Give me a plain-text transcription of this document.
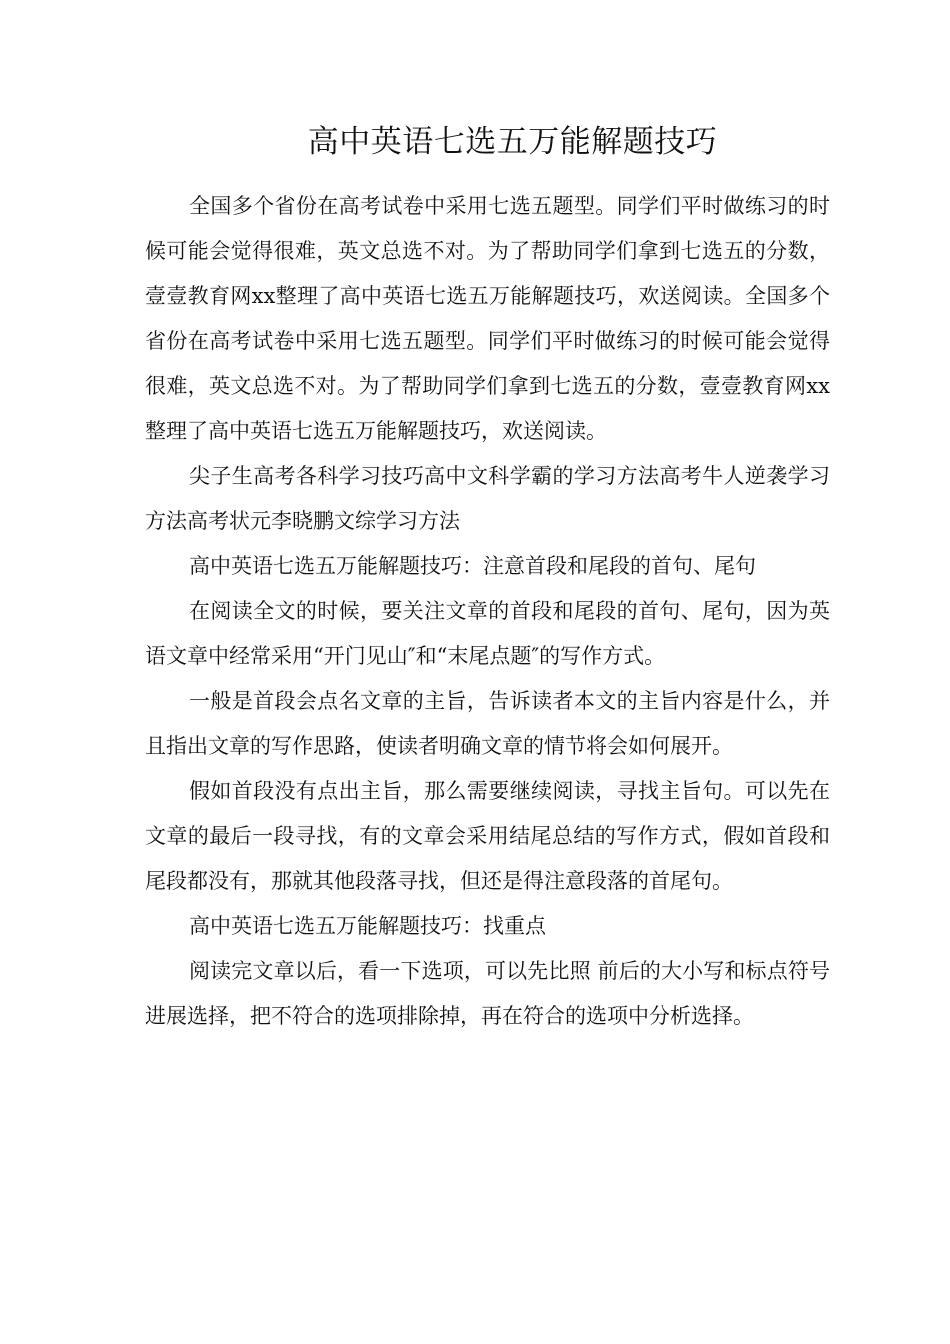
高中英语七选五万能解题技巧

全国多个省份在高考试卷中采用七选五题型。同学们平时做练习的时候可能会觉得很难，英文总选不对。为了帮助同学们拿到七选五的分数，壹壹教育网xx整理了高中英语七选五万能解题技巧，欢送阅读。全国多个省份在高考试卷中采用七选五题型。同学们平时做练习的时候可能会觉得很难，英文总选不对。为了帮助同学们拿到七选五的分数，壹壹教育网xx整理了高中英语七选五万能解题技巧，欢送阅读。

尖子生高考各科学习技巧高中文科学霸的学习方法高考牛人逆袭学习方法高考状元李晓鹏文综学习方法

高中英语七选五万能解题技巧：注意首段和尾段的首句、尾句

在阅读全文的时候，要关注文章的首段和尾段的首句、尾句，因为英语文章中经常采用“开门见山″和“末尾点题″的写作方式。

一般是首段会点名文章的主旨，告诉读者本文的主旨内容是什么，并且指出文章的写作思路，使读者明确文章的情节将会如何展开。

假如首段没有点出主旨，那么需要继续阅读，寻找主旨句。可以先在文章的最后一段寻找，有的文章会采用结尾总结的写作方式，假如首段和尾段都没有，那就其他段落寻找，但还是得注意段落的首尾句。

高中英语七选五万能解题技巧：找重点

阅读完文章以后，看一下选项，可以先比照 前后的大小写和标点符号进展选择，把不符合的选项排除掉，再在符合的选项中分析选择。
